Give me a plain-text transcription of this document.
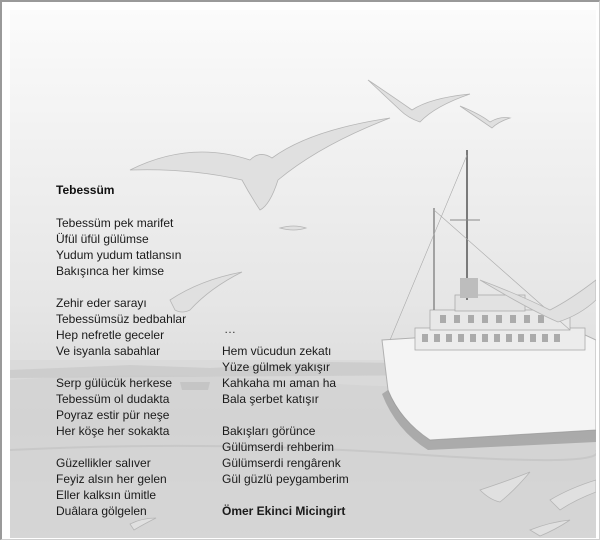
Tebessüm
Tebessüm pek marifet
Üfül üfül gülümse
Yudum yudum tatlansın
Bakışınca her kimse
Zehir eder sarayı
Tebessümsüz bedbahlar
Hep nefretle geceler
Ve isyanla sabahlar
Serp gülücük herkese
Tebessüm ol dudakta
Poyraz estir pür neşe
Her köşe her sokakta
Güzellikler salıver
Feyiz alsın her gelen
Eller kalksın ümitle
Duâlara gölgelen
…
Hem vücudun zekatı
Yüze gülmek yakışır
Kahkaha mı aman ha
Bala şerbet katışır
Bakışları görünce
Gülümserdi rehberim
Gülümserdi rengârenk
Gül güzlü peygamberim
Ömer Ekinci Micingirt
